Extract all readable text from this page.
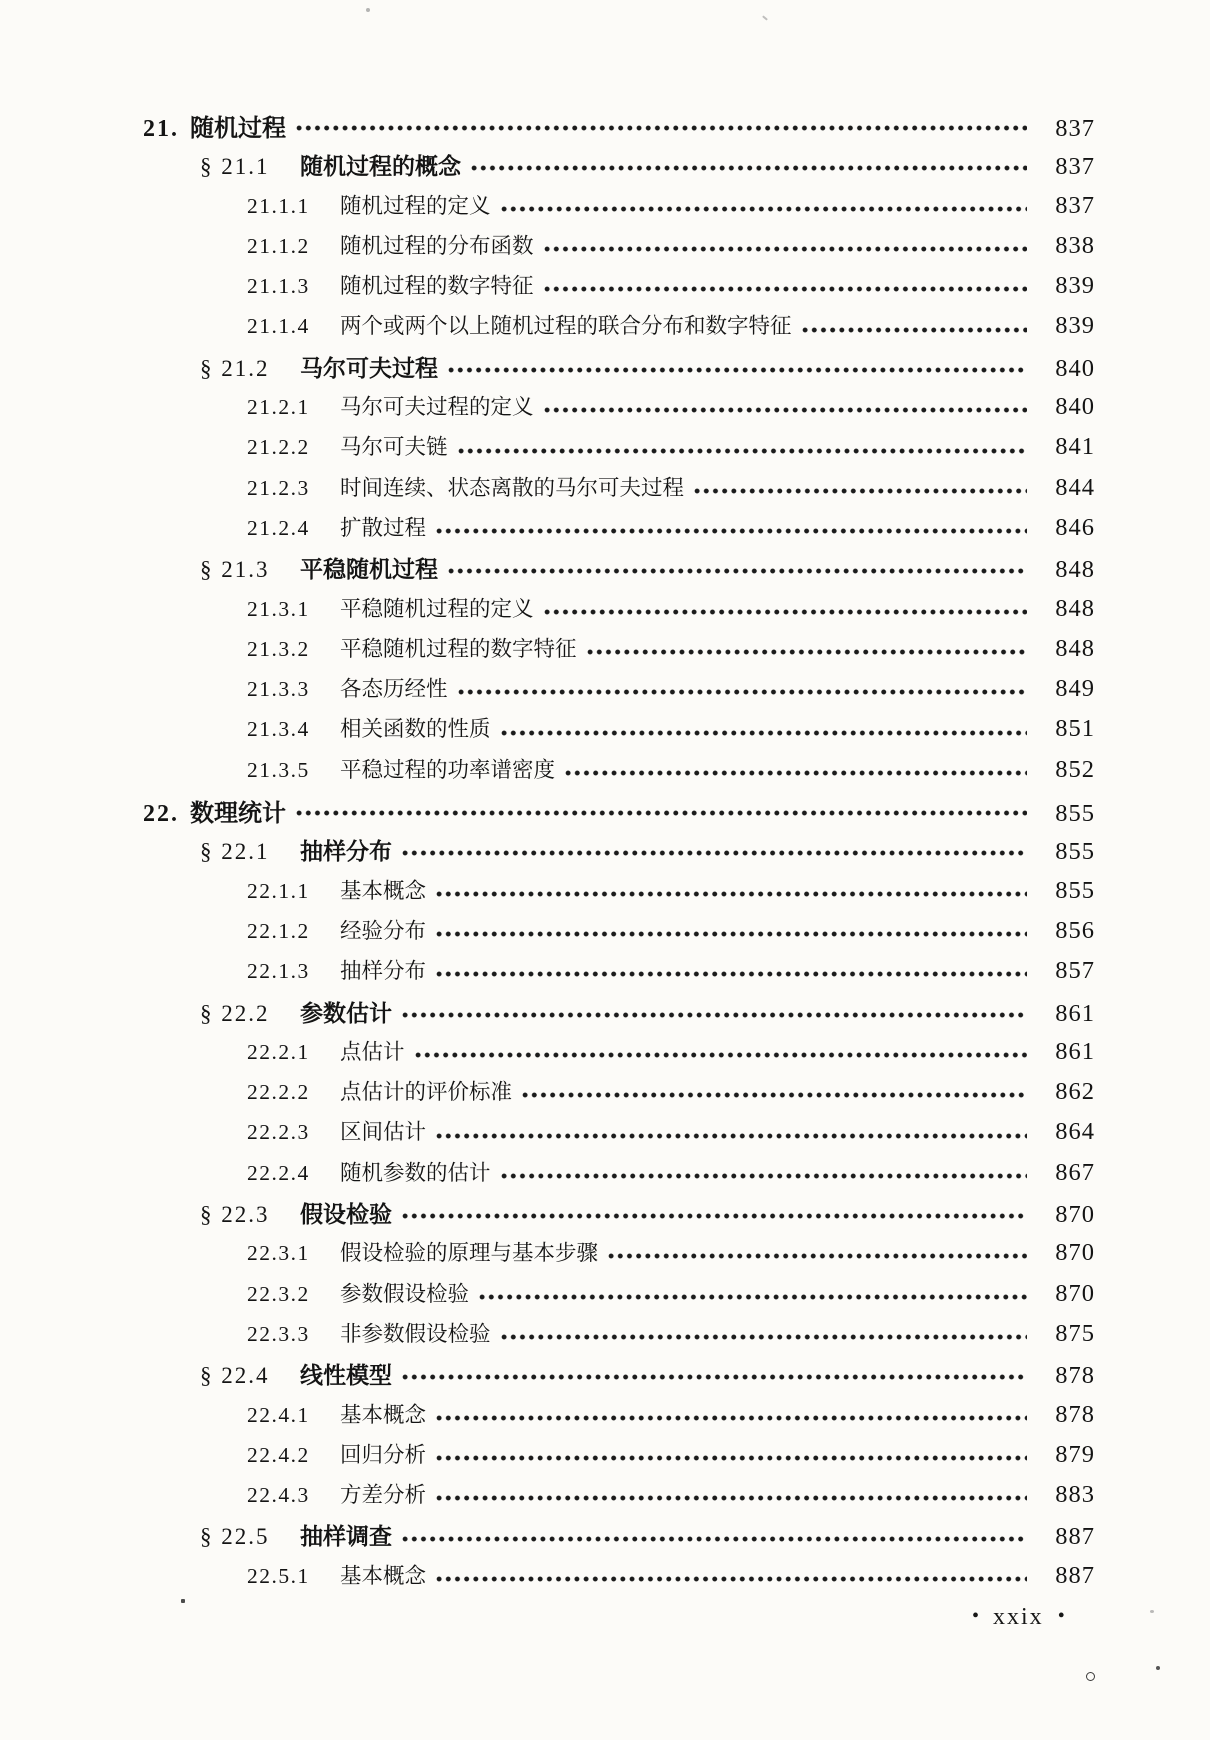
21. 随机过程	837
§ 21.1	随机过程的概念	837
21.1.1	随机过程的定义	837
21.1.2	随机过程的分布函数	838
21.1.3	随机过程的数字特征	839
21.1.4	两个或两个以上随机过程的联合分布和数字特征	839
§ 21.2	马尔可夫过程	840
21.2.1	马尔可夫过程的定义	840
21.2.2	马尔可夫链	841
21.2.3	时间连续、状态离散的马尔可夫过程	844
21.2.4	扩散过程	846
§ 21.3	平稳随机过程	848
21.3.1	平稳随机过程的定义	848
21.3.2	平稳随机过程的数字特征	848
21.3.3	各态历经性	849
21.3.4	相关函数的性质	851
21.3.5	平稳过程的功率谱密度	852
22. 数理统计	855
§ 22.1	抽样分布	855
22.1.1	基本概念	855
22.1.2	经验分布	856
22.1.3	抽样分布	857
§ 22.2	参数估计	861
22.2.1	点估计	861
22.2.2	点估计的评价标准	862
22.2.3	区间估计	864
22.2.4	随机参数的估计	867
§ 22.3	假设检验	870
22.3.1	假设检验的原理与基本步骤	870
22.3.2	参数假设检验	870
22.3.3	非参数假设检验	875
§ 22.4	线性模型	878
22.4.1	基本概念	878
22.4.2	回归分析	879
22.4.3	方差分析	883
§ 22.5	抽样调查	887
22.5.1	基本概念	887
• xxix •
